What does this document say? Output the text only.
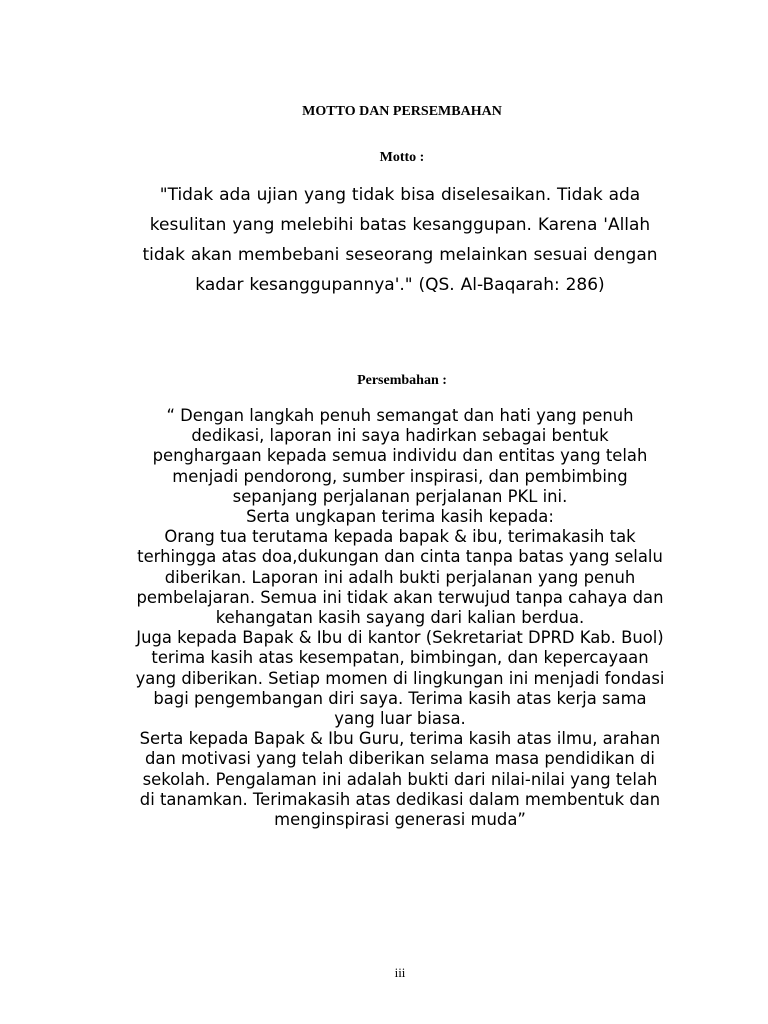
MOTTO DAN PERSEMBAHAN
Motto :
"Tidak ada ujian yang tidak bisa diselesaikan. Tidak ada kesulitan yang melebihi batas kesanggupan. Karena 'Allah tidak akan membebani seseorang melainkan sesuai dengan kadar kesanggupannya'." (QS. Al-Baqarah: 286)
Persembahan :

“ Dengan langkah penuh semangat dan hati yang penuh dedikasi, laporan ini saya hadirkan sebagai bentuk penghargaan kepada semua individu dan entitas yang telah menjadi pendorong, sumber inspirasi, dan pembimbing sepanjang perjalanan perjalanan PKL ini.

Serta ungkapan terima kasih kepada:

Orang tua terutama kepada bapak & ibu, terimakasih tak terhingga atas doa,dukungan dan cinta tanpa batas yang selalu diberikan. Laporan ini adalh bukti perjalanan yang penuh pembelajaran. Semua ini tidak akan terwujud tanpa cahaya dan kehangatan kasih sayang dari kalian berdua.

Juga kepada Bapak & Ibu di kantor (Sekretariat DPRD Kab. Buol) terima kasih atas kesempatan, bimbingan, dan kepercayaan yang diberikan. Setiap momen di lingkungan ini menjadi fondasi bagi pengembangan diri saya. Terima kasih atas kerja sama yang luar biasa.

Serta kepada Bapak & Ibu Guru, terima kasih atas ilmu, arahan dan motivasi yang telah diberikan selama masa pendidikan di sekolah. Pengalaman ini adalah bukti dari nilai-nilai yang telah di tanamkan. Terimakasih atas dedikasi dalam membentuk dan menginspirasi generasi muda”

iii
